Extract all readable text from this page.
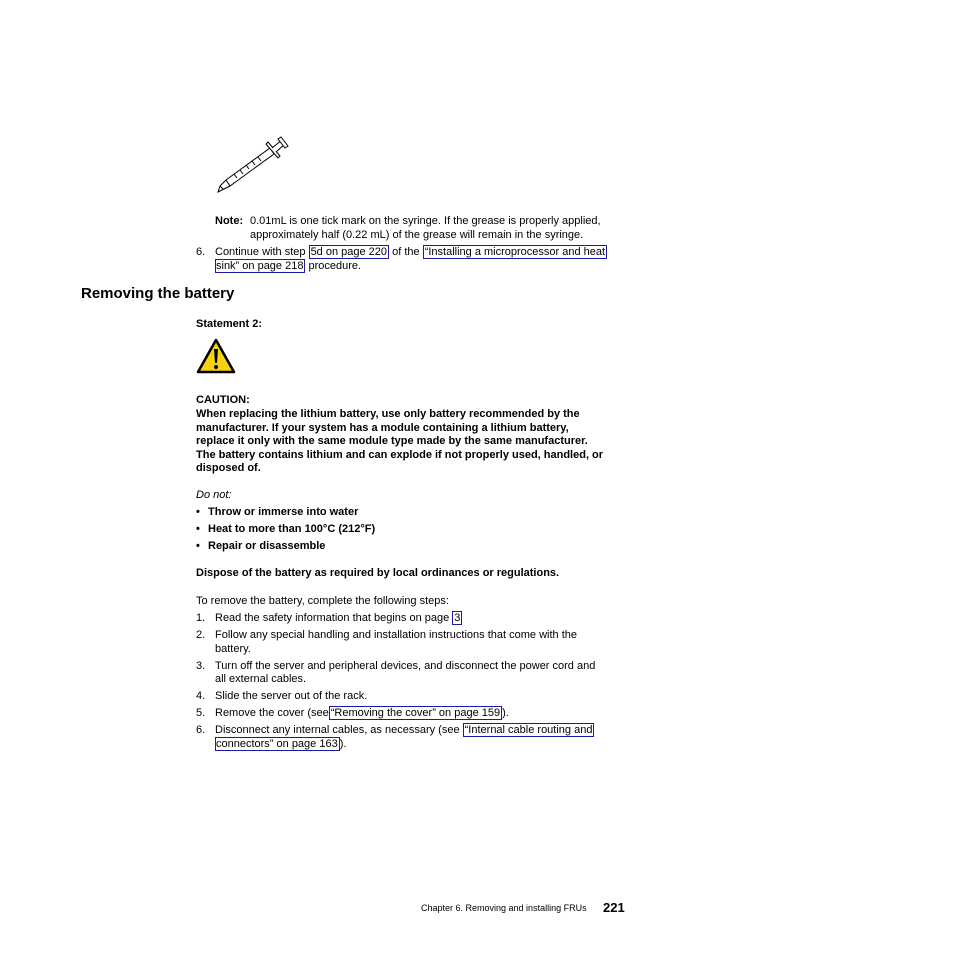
Note: 0.01mL is one tick mark on the syringe. If the grease is properly applied,
approximately half (0.22 mL) of the grease will remain in the syringe.
6. Continue with step 5d on page 220 of the “Installing a microprocessor and heat
sink” on page 218 procedure.
Removing the battery
Statement 2:
CAUTION:
When replacing the lithium battery, use only battery recommended by the
manufacturer. If your system has a module containing a lithium battery,
replace it only with the same module type made by the same manufacturer.
The battery contains lithium and can explode if not properly used, handled, or
disposed of.
Do not:
• Throw or immerse into water
• Heat to more than 100°C (212°F)
• Repair or disassemble
Dispose of the battery as required by local ordinances or regulations.
To remove the battery, complete the following steps:
1. Read the safety information that begins on page 3
2. Follow any special handling and installation instructions that come with the
battery.
3. Turn off the server and peripheral devices, and disconnect the power cord and
all external cables.
4. Slide the server out of the rack.
5. Remove the cover (see “Removing the cover” on page 159 ).
6. Disconnect any internal cables, as necessary (see “Internal cable routing and
connectors” on page 163 ).
Chapter 6. Removing and installing FRUs 221
